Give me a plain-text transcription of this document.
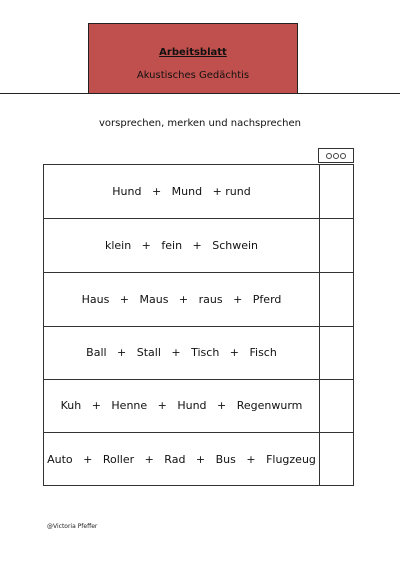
Arbeitsblatt
Akustisches Gedächtis
vorsprechen, merken und nachsprechen
Hund   +   Mund   + rund
klein   +   fein   +   Schwein
Haus   +   Maus   +   raus   +   Pferd
Ball   +   Stall   +   Tisch   +   Fisch
Kuh   +   Henne   +   Hund   +   Regenwurm
Auto   +   Roller   +   Rad   +   Bus   +   Flugzeug
@Victoria Pfeffer
